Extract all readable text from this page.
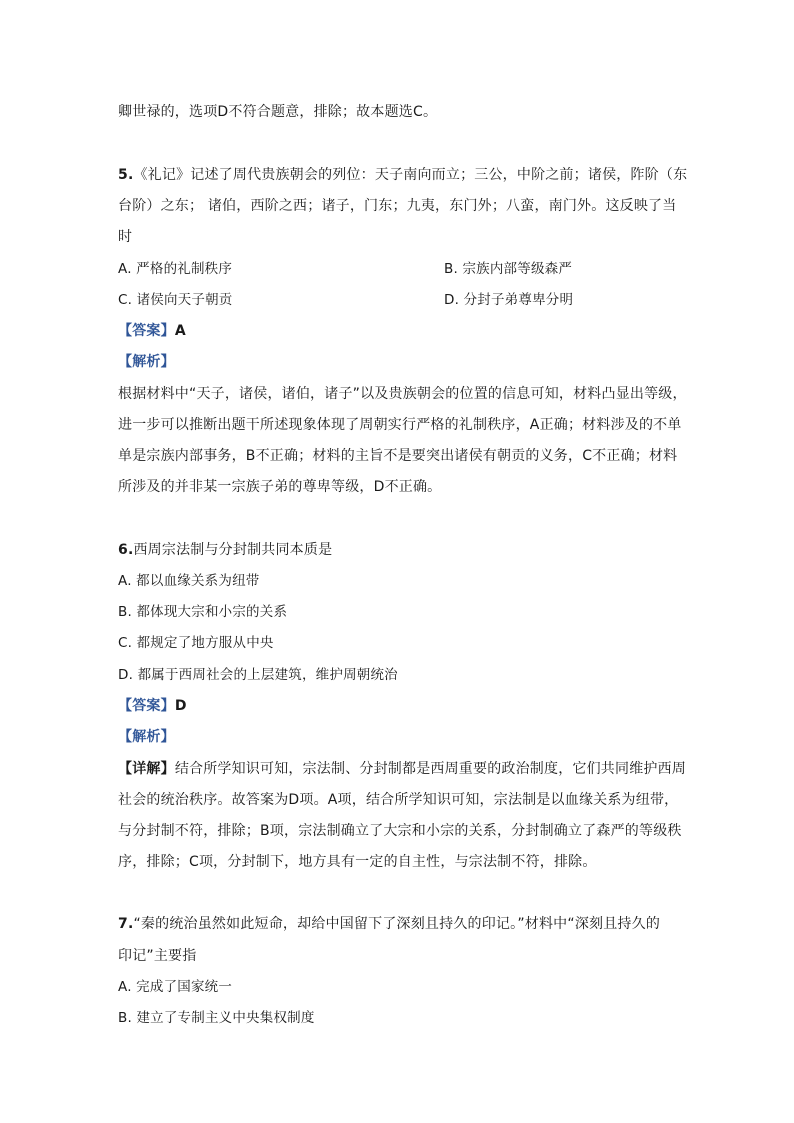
卿世禄的，选项D不符合题意，排除；故本题选C。
5.《礼记》记述了周代贵族朝会的列位：天子南向而立；三公，中阶之前；诸侯，阼阶（东
台阶）之东； 诸伯，西阶之西；诸子，门东；九夷，东门外；八蛮，南门外。这反映了当
时
A. 严格的礼制秩序	B. 宗族内部等级森严
C. 诸侯向天子朝贡	D. 分封子弟尊卑分明
【答案】A
【解析】
根据材料中“天子，诸侯，诸伯，诸子”以及贵族朝会的位置的信息可知，材料凸显出等级，
进一步可以推断出题干所述现象体现了周朝实行严格的礼制秩序，A正确；材料涉及的不单
单是宗族内部事务，B不正确；材料的主旨不是要突出诸侯有朝贡的义务，C不正确；材料
所涉及的并非某一宗族子弟的尊卑等级，D不正确。
6.西周宗法制与分封制共同本质是
A. 都以血缘关系为纽带
B. 都体现大宗和小宗的关系
C. 都规定了地方服从中央
D. 都属于西周社会的上层建筑，维护周朝统治
【答案】D
【解析】
【详解】结合所学知识可知，宗法制、分封制都是西周重要的政治制度，它们共同维护西周
社会的统治秩序。故答案为D项。A项，结合所学知识可知，宗法制是以血缘关系为纽带，
与分封制不符，排除；B项，宗法制确立了大宗和小宗的关系，分封制确立了森严的等级秩
序，排除；C项，分封制下，地方具有一定的自主性，与宗法制不符，排除。
7.“秦的统治虽然如此短命，却给中国留下了深刻且持久的印记。”材料中“深刻且持久的
印记”主要指
A. 完成了国家统一
B. 建立了专制主义中央集权制度
